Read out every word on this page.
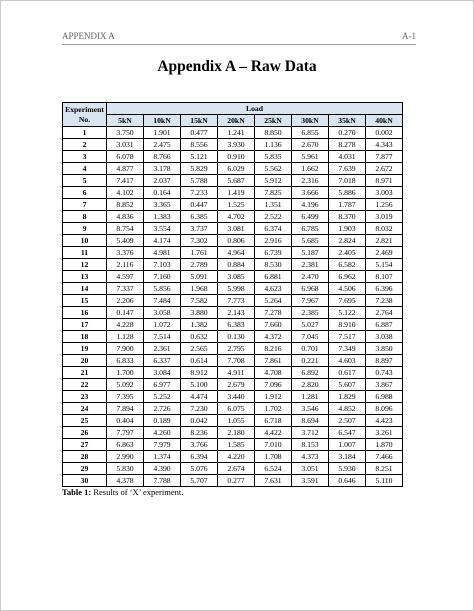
APPENDIX A	A-1
Appendix A – Raw Data
Experiment
No.	Load							
	5kN	10kN	15kN	20kN	25kN	30kN	35kN	40kN
1	3.750	1.901	0.477	1.241	8.850	6.855	0.270	0.002
2	3.031	2.475	8.556	3.930	1.136	2.670	8.278	4.343
3	6.078	8.766	5.121	0.910	5.835	5.961	4.031	7.877
4	4.877	3.178	5.829	6.029	5.562	1.662	7.639	2.672
5	7.417	2.037	5.788	5.687	5.912	2.316	7.018	8.971
6	4.102	0.164	7.233	1.419	7.825	3.666	5.886	3.003
7	8.852	3.365	0.447	1.525	1.351	4.196	1.787	1.256
8	4.836	1.383	6.385	4.702	2.522	6.499	8.370	3.019
9	8.754	3.554	3.737	3.081	6.374	6.785	1.903	8.032
10	5.409	4.174	7.302	0.806	2.916	5.685	2.824	2.821
11	3.376	4.981	1.761	4.964	6.739	5.187	2.405	2.469
12	2.116	7.103	2.789	0.884	8.530	2.381	6.582	5.154
13	4.597	7.160	5.091	3.085	6.881	2.470	6.962	8.107
14	7.337	5.856	1.968	5.998	4.623	6.968	4.506	6.396
15	2.206	7.484	7.582	7.773	5.264	7.967	7.695	7.238
16	0.147	3.058	3.880	2.143	7.278	2.385	5.122	2.764
17	4.228	1.072	1.382	6.383	7.660	5.027	8.910	6.887
18	1.128	7.514	0.632	0.130	4.372	7.045	7.517	3.038
19	7.900	2.361	2.565	2.795	8.216	0.701	7.349	3.850
20	6.833	6.337	0.614	7.708	7.861	0.221	4.603	8.897
21	1.700	3.084	8.912	4.911	4.708	6.892	0.617	0.743
22	5.092	6.977	5.100	2.679	7.096	2.820	5.607	3.867
23	7.395	5.252	4.474	3.440	1.912	1.281	1.829	6.988
24	7.894	2.726	7.230	6.075	1.702	3.546	4.852	8.096
25	0.404	0.189	0.042	1.055	6.718	8.694	2.507	4.423
26	7.797	4.260	8.236	2.180	4.422	3.712	6.547	3.261
27	6.863	7.979	3.766	1.585	7.010	8.153	1.007	1.870
28	2.990	1.374	6.394	4.220	1.708	4.373	3.184	7.466
29	5.830	4.390	5.076	2.674	6.524	3.051	5.930	8.251
30	4.378	7.788	5.707	0.277	7.631	3.591	0.646	5.110
Table 1: Results of ‘X’ experiment.
